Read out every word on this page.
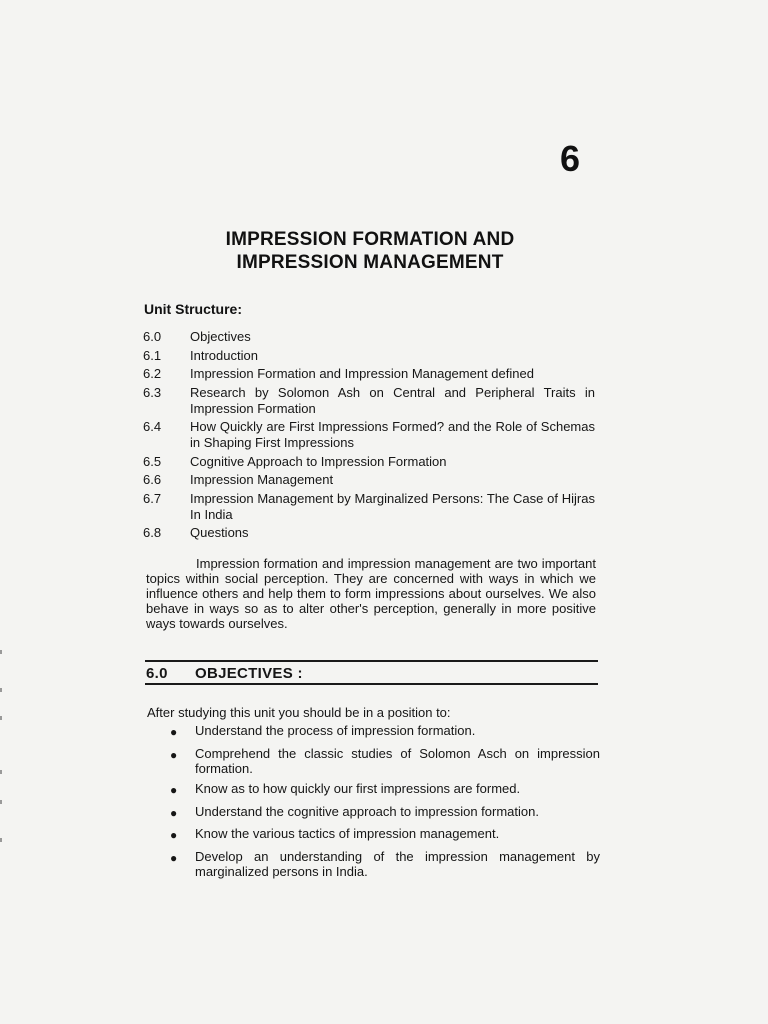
6
IMPRESSION FORMATION AND
IMPRESSION MANAGEMENT
Unit Structure:
6.0	Objectives
6.1	Introduction
6.2	Impression Formation and Impression Management defined
6.3	Research by Solomon Ash on Central and Peripheral Traits in Impression Formation
6.4	How Quickly are First Impressions Formed? and the Role of Schemas in Shaping First Impressions
6.5	Cognitive Approach to Impression Formation
6.6	Impression Management
6.7	Impression Management by Marginalized Persons: The Case of Hijras In India
6.8	Questions
Impression formation and impression management are two important topics within social perception. They are concerned with ways in which we influence others and help them to form impressions about ourselves. We also behave in ways so as to alter other's perception, generally in more positive ways towards ourselves.
6.0	OBJECTIVES :
After studying this unit you should be in a position to:
●	Understand the process of impression formation.
●	Comprehend the classic studies of Solomon Asch on impression formation.
●	Know as to how quickly our first impressions are formed.
●	Understand the cognitive approach to impression formation.
●	Know the various tactics of impression management.
●	Develop an understanding of the impression management by marginalized persons in India.
